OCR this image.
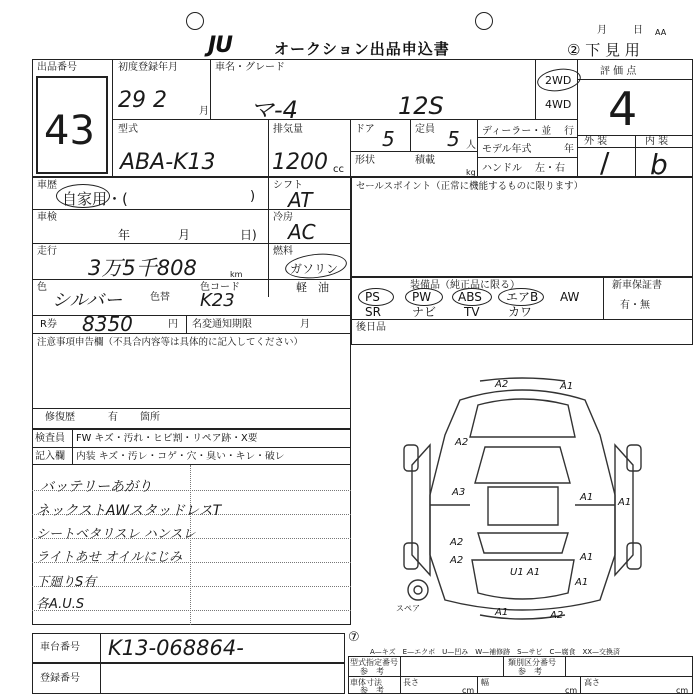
JU	オークション出品申込書
月	日 AA
② 下 見 用
出品番号
43
初度登録年月
29 2	月
車名・グレード
マ-4	12S
2WD
4WD
評 価 点
4
外 装	内 装
/ b
型式
ABA-K13
排気量
1200 cc
ドア 5 定員 5 人
形状	積載
kg
ディーラー・並 行
モデル年式	年
ハンドル 左・右
車歴
自家用・(	)
シフト
AT
冷房
AC
車検
年	月	日)
走行
3万5千808	km
燃料
ガソリン
軽　油
色
シルバー	色替
色コード
K23
R券 8350	円 名変通知期限	月
注意事項申告欄（不具合内容等は具体的に記入してください）
修復歴	有 箇所
セールスポイント（正常に機能するものに限ります）
装備品（純正品に限る）	新車保証書
有・無
後日品
PS	PW ABS エアB AW
SR	ナビ TV カワ
検査員 FW キズ・汚れ・ヒビ割・リペア跡・X要
記入欄 内装 キズ・汚レ・コゲ・穴・臭い・キレ・破レ
バッテリーあがり
ネックストAWスタッドレスT
シートベタリスレ ハンスレ
ライトあせ オイルにじみ
下廻りS有
各A.U.S
A2	A1
A2
A3	A1 A1
U1 A1
A1
A1
A2
A2
A1	A2
スペア
A—キズ　E—エクボ　U—凹み　W—補修跡　S—サビ　C—腐食　XX—交換済
車台番号 K13-068864-	⑦
登録番号
型式指定番号
参　考
類別区分番号
参　考
車体寸法
参　考
長さ
cm
幅
cm
高さ
cm
